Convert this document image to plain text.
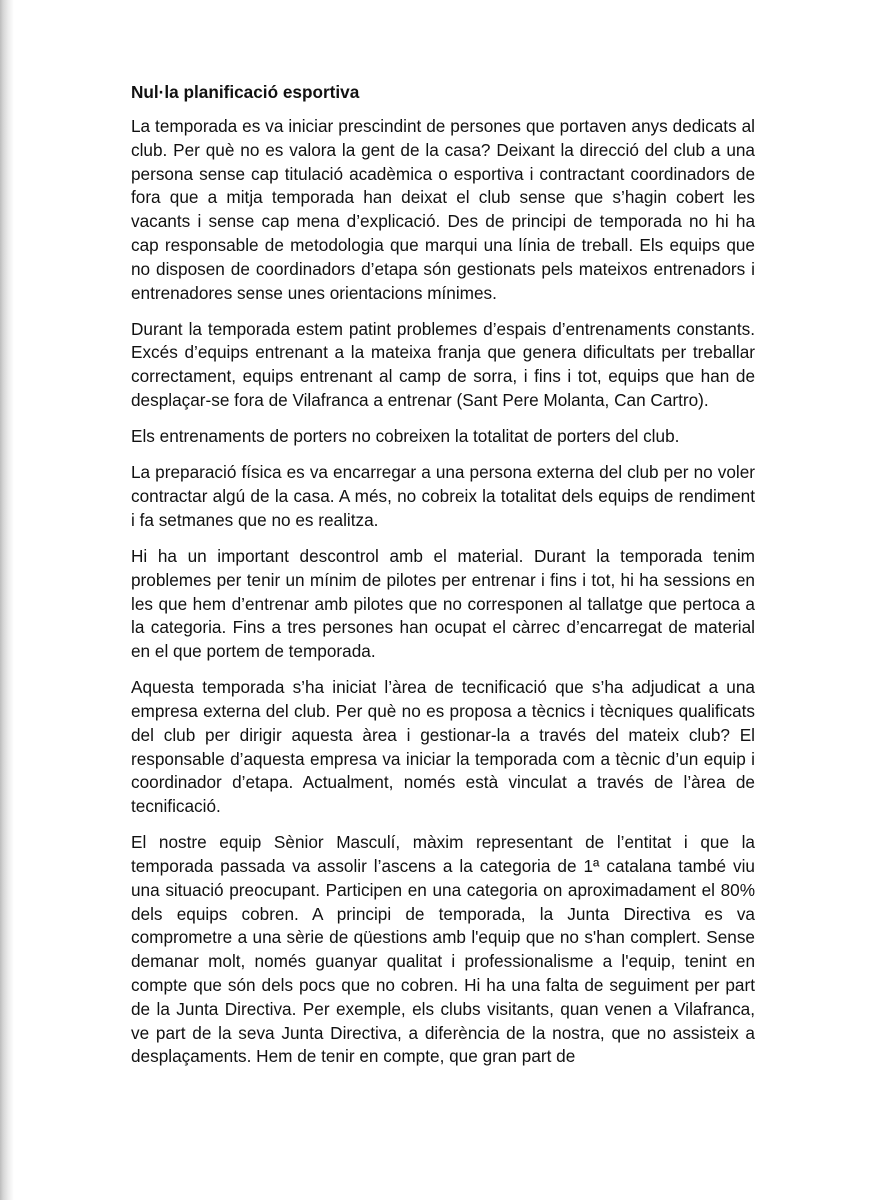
Nul·la planificació esportiva

La temporada es va iniciar prescindint de persones que portaven anys dedicats al club. Per què no es valora la gent de la casa? Deixant la direcció del club a una persona sense cap titulació acadèmica o esportiva i contractant coordinadors de fora que a mitja temporada han deixat el club sense que s’hagin cobert les vacants i sense cap mena d’explicació. Des de principi de temporada no hi ha cap responsable de metodologia que marqui una línia de treball. Els equips que no disposen de coordinadors d’etapa són gestionats pels mateixos entrenadors i entrenadores sense unes orientacions mínimes.

Durant la temporada estem patint problemes d’espais d’entrenaments constants. Excés d’equips entrenant a la mateixa franja que genera dificultats per treballar correctament, equips entrenant al camp de sorra, i fins i tot, equips que han de desplaçar-se fora de Vilafranca a entrenar (Sant Pere Molanta, Can Cartro).

Els entrenaments de porters no cobreixen la totalitat de porters del club.

La preparació física es va encarregar a una persona externa del club per no voler contractar algú de la casa. A més, no cobreix la totalitat dels equips de rendiment i fa setmanes que no es realitza.

Hi ha un important descontrol amb el material. Durant la temporada tenim problemes per tenir un mínim de pilotes per entrenar i fins i tot, hi ha sessions en les que hem d’entrenar amb pilotes que no corresponen al tallatge que pertoca a la categoria. Fins a tres persones han ocupat el càrrec d’encarregat de material en el que portem de temporada.

Aquesta temporada s’ha iniciat l’àrea de tecnificació que s’ha adjudicat a una empresa externa del club. Per què no es proposa a tècnics i tècniques qualificats del club per dirigir aquesta àrea i gestionar-la a través del mateix club? El responsable d’aquesta empresa va iniciar la temporada com a tècnic d’un equip i coordinador d’etapa. Actualment, només està vinculat a través de l’àrea de tecnificació.

El nostre equip Sènior Masculí, màxim representant de l’entitat i que la temporada passada va assolir l’ascens a la categoria de 1ª catalana també viu una situació preocupant. Participen en una categoria on aproximadament el 80% dels equips cobren. A principi de temporada, la Junta Directiva es va comprometre a una sèrie de qüestions amb l'equip que no s'han complert. Sense demanar molt, només guanyar qualitat i professionalisme a l'equip, tenint en compte que són dels pocs que no cobren. Hi ha una falta de seguiment per part de la Junta Directiva. Per exemple, els clubs visitants, quan venen a Vilafranca, ve part de la seva Junta Directiva, a diferència de la nostra, que no assisteix a desplaçaments. Hem de tenir en compte, que gran part de
